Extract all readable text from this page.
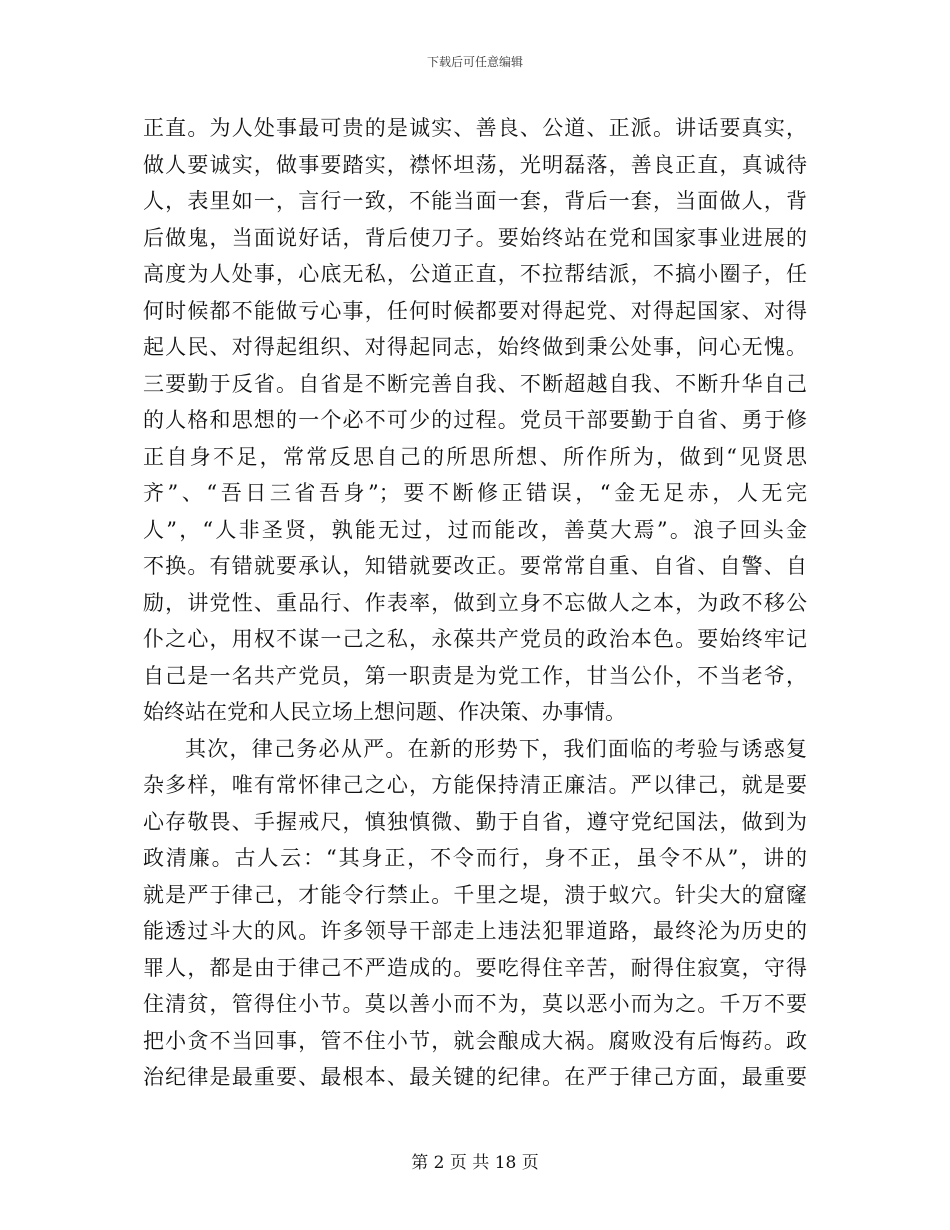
下载后可任意编辑
正直。为人处事最可贵的是诚实、善良、公道、正派。讲话要真实，
做人要诚实，做事要踏实，襟怀坦荡，光明磊落，善良正直，真诚待
人，表里如一，言行一致，不能当面一套，背后一套，当面做人，背
后做鬼，当面说好话，背后使刀子。要始终站在党和国家事业进展的
高度为人处事，心底无私，公道正直，不拉帮结派，不搞小圈子，任
何时候都不能做亏心事，任何时候都要对得起党、对得起国家、对得
起人民、对得起组织、对得起同志，始终做到秉公处事，问心无愧。
三要勤于反省。自省是不断完善自我、不断超越自我、不断升华自己
的人格和思想的一个必不可少的过程。党员干部要勤于自省、勇于修
正自身不足，常常反思自己的所思所想、所作所为，做到“见贤思
齐”、“吾日三省吾身”；要不断修正错误，“金无足赤，人无完
人”，“人非圣贤，孰能无过，过而能改，善莫大焉”。浪子回头金
不换。有错就要承认，知错就要改正。要常常自重、自省、自警、自
励，讲党性、重品行、作表率，做到立身不忘做人之本，为政不移公
仆之心，用权不谋一己之私，永葆共产党员的政治本色。要始终牢记
自己是一名共产党员，第一职责是为党工作，甘当公仆，不当老爷，
始终站在党和人民立场上想问题、作决策、办事情。
其次，律己务必从严。在新的形势下，我们面临的考验与诱惑复
杂多样，唯有常怀律己之心，方能保持清正廉洁。严以律己，就是要
心存敬畏、手握戒尺，慎独慎微、勤于自省，遵守党纪国法，做到为
政清廉。古人云：“其身正，不令而行，身不正，虽令不从”，讲的
就是严于律己，才能令行禁止。千里之堤，溃于蚁穴。针尖大的窟窿
能透过斗大的风。许多领导干部走上违法犯罪道路，最终沦为历史的
罪人，都是由于律己不严造成的。要吃得住辛苦，耐得住寂寞，守得
住清贫，管得住小节。莫以善小而不为，莫以恶小而为之。千万不要
把小贪不当回事，管不住小节，就会酿成大祸。腐败没有后悔药。政
治纪律是最重要、最根本、最关键的纪律。在严于律己方面，最重要
第 2 页 共 18 页
